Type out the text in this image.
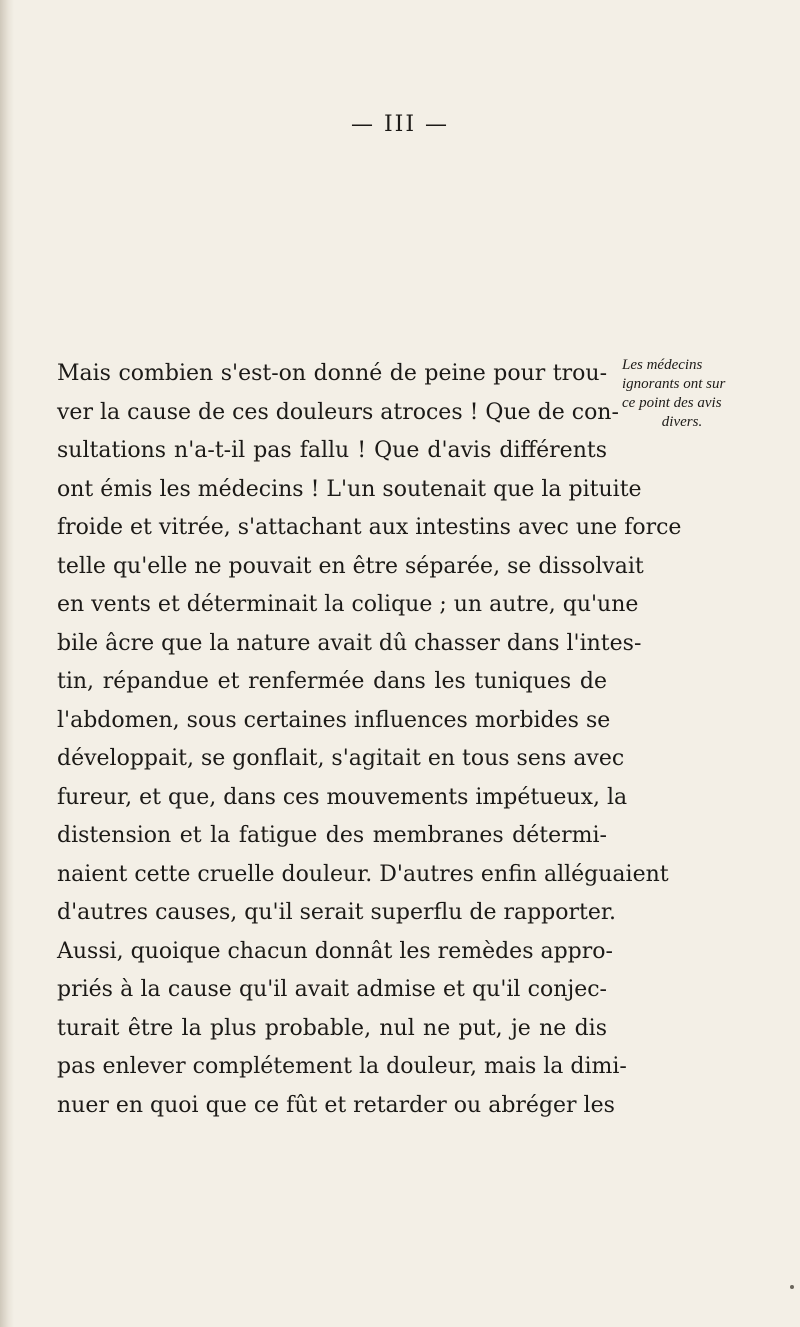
— III —
Mais combien s'est-on donné de peine pour trou-
ver la cause de ces douleurs atroces ! Que de con-
sultations n'a-t-il pas fallu ! Que d'avis différents
ont émis les médecins ! L'un soutenait que la pituite
froide et vitrée, s'attachant aux intestins avec une force
telle qu'elle ne pouvait en être séparée, se dissolvait
en vents et déterminait la colique ; un autre, qu'une
bile âcre que la nature avait dû chasser dans l'intes-
tin, répandue et renfermée dans les tuniques de
l'abdomen, sous certaines influences morbides se
développait, se gonflait, s'agitait en tous sens avec
fureur, et que, dans ces mouvements impétueux, la
distension et la fatigue des membranes détermi-
naient cette cruelle douleur. D'autres enfin alléguaient
d'autres causes, qu'il serait superflu de rapporter.
Aussi, quoique chacun donnât les remèdes appro-
priés à la cause qu'il avait admise et qu'il conjec-
turait être la plus probable, nul ne put, je ne dis
pas enlever complétement la douleur, mais la dimi-
nuer en quoi que ce fût et retarder ou abréger les
Les médecins
ignorants ont sur
ce point des avis
divers.
